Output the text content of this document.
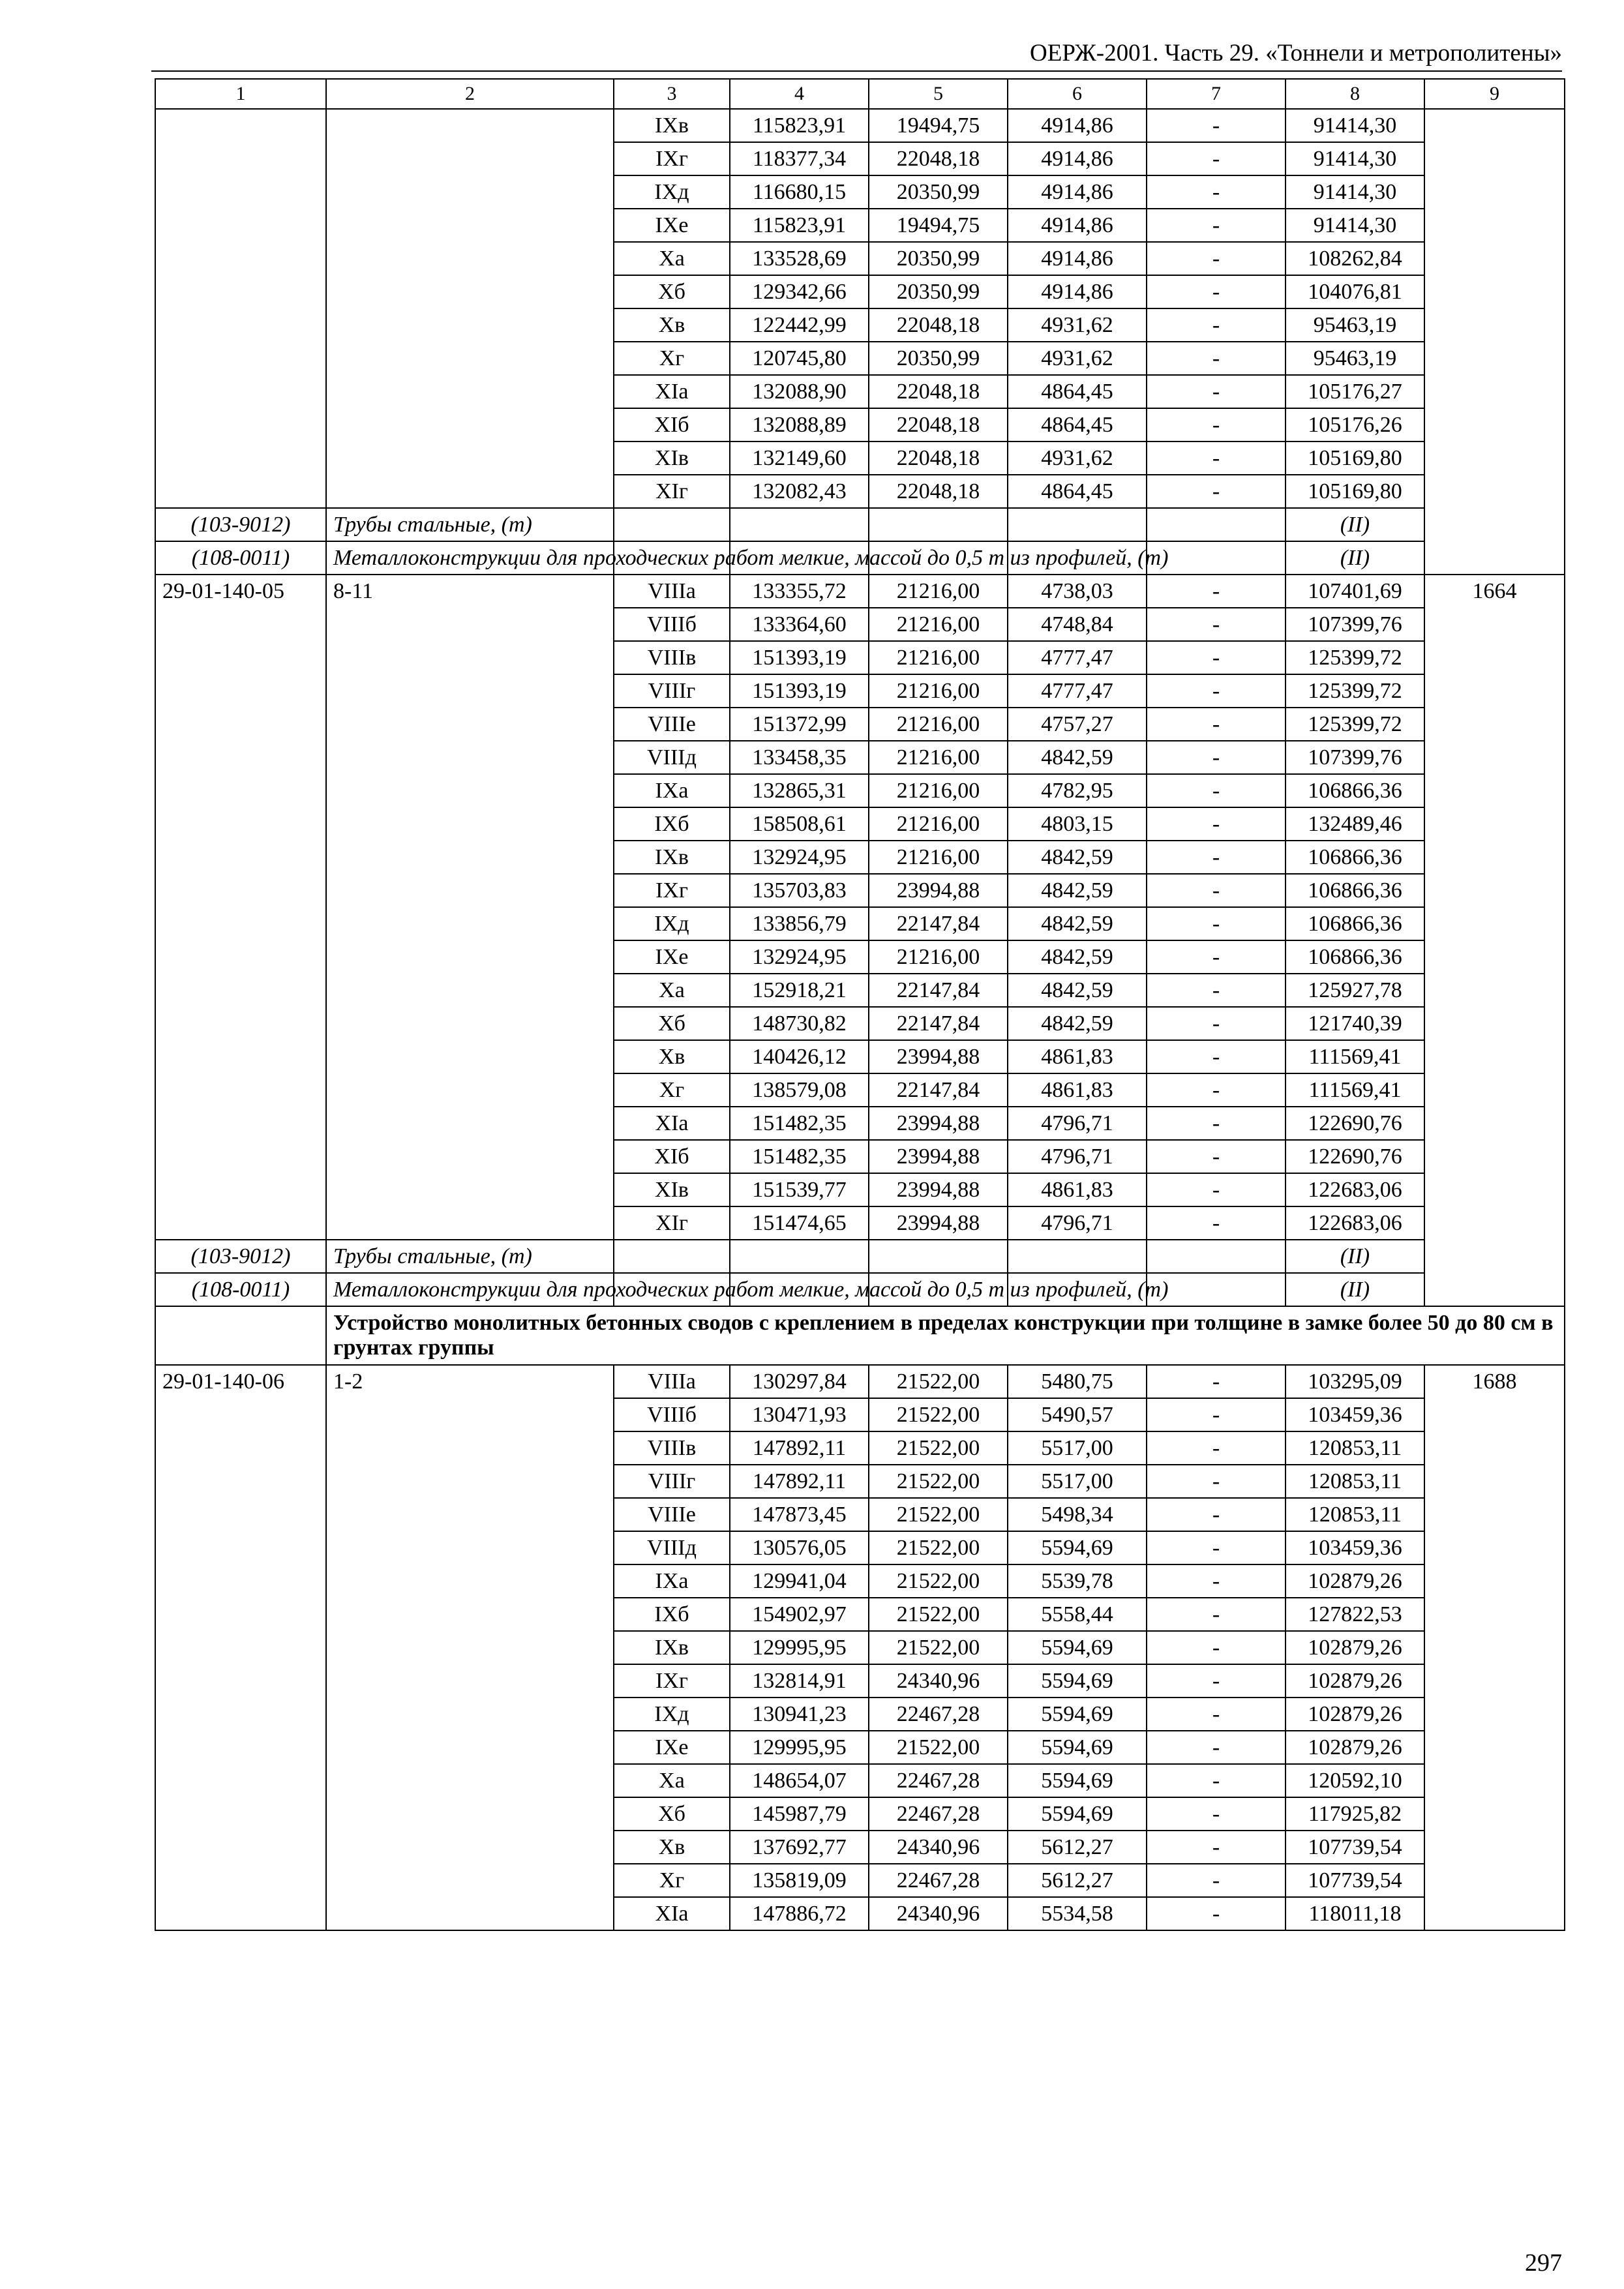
ОЕРЖ-2001. Часть 29. «Тоннели и метрополитены»
1	2	3	4	5	6	7	8	9
		IXв	115823,91	19494,75	4914,86	-	91414,30	
		IXг	118377,34	22048,18	4914,86	-	91414,30	
		IXд	116680,15	20350,99	4914,86	-	91414,30	
		IXе	115823,91	19494,75	4914,86	-	91414,30	
		Xа	133528,69	20350,99	4914,86	-	108262,84	
		Xб	129342,66	20350,99	4914,86	-	104076,81	
		Xв	122442,99	22048,18	4931,62	-	95463,19	
		Xг	120745,80	20350,99	4931,62	-	95463,19	
		XIа	132088,90	22048,18	4864,45	-	105176,27	
		XIб	132088,89	22048,18	4864,45	-	105176,26	
		XIв	132149,60	22048,18	4931,62	-	105169,80	
		XIг	132082,43	22048,18	4864,45	-	105169,80	
(103-9012)	Трубы стальные, (т)						(II)	
(108-0011)	Металлоконструкции для проходческих работ мелкие, массой до 0,5 т из профилей, (т)						(II)	
29-01-140-05	8-11	VIIIа	133355,72	21216,00	4738,03	-	107401,69	1664
		VIIIб	133364,60	21216,00	4748,84	-	107399,76	
		VIIIв	151393,19	21216,00	4777,47	-	125399,72	
		VIIIг	151393,19	21216,00	4777,47	-	125399,72	
		VIIIе	151372,99	21216,00	4757,27	-	125399,72	
		VIIIд	133458,35	21216,00	4842,59	-	107399,76	
		IXа	132865,31	21216,00	4782,95	-	106866,36	
		IXб	158508,61	21216,00	4803,15	-	132489,46	
		IXв	132924,95	21216,00	4842,59	-	106866,36	
		IXг	135703,83	23994,88	4842,59	-	106866,36	
		IXд	133856,79	22147,84	4842,59	-	106866,36	
		IXе	132924,95	21216,00	4842,59	-	106866,36	
		Xа	152918,21	22147,84	4842,59	-	125927,78	
		Xб	148730,82	22147,84	4842,59	-	121740,39	
		Xв	140426,12	23994,88	4861,83	-	111569,41	
		Xг	138579,08	22147,84	4861,83	-	111569,41	
		XIа	151482,35	23994,88	4796,71	-	122690,76	
		XIб	151482,35	23994,88	4796,71	-	122690,76	
		XIв	151539,77	23994,88	4861,83	-	122683,06	
		XIг	151474,65	23994,88	4796,71	-	122683,06	
(103-9012)	Трубы стальные, (т)						(II)	
(108-0011)	Металлоконструкции для проходческих работ мелкие, массой до 0,5 т из профилей, (т)						(II)	
	Устройство монолитных бетонных сводов с креплением в пределах конструкции при толщине в замке более 50 до 80 см в грунтах группы							
29-01-140-06	1-2	VIIIа	130297,84	21522,00	5480,75	-	103295,09	1688
		VIIIб	130471,93	21522,00	5490,57	-	103459,36	
		VIIIв	147892,11	21522,00	5517,00	-	120853,11	
		VIIIг	147892,11	21522,00	5517,00	-	120853,11	
		VIIIе	147873,45	21522,00	5498,34	-	120853,11	
		VIIIд	130576,05	21522,00	5594,69	-	103459,36	
		IXа	129941,04	21522,00	5539,78	-	102879,26	
		IXб	154902,97	21522,00	5558,44	-	127822,53	
		IXв	129995,95	21522,00	5594,69	-	102879,26	
		IXг	132814,91	24340,96	5594,69	-	102879,26	
		IXд	130941,23	22467,28	5594,69	-	102879,26	
		IXе	129995,95	21522,00	5594,69	-	102879,26	
		Xа	148654,07	22467,28	5594,69	-	120592,10	
		Xб	145987,79	22467,28	5594,69	-	117925,82	
		Xв	137692,77	24340,96	5612,27	-	107739,54	
		Xг	135819,09	22467,28	5612,27	-	107739,54	
		XIа	147886,72	24340,96	5534,58	-	118011,18	
297
